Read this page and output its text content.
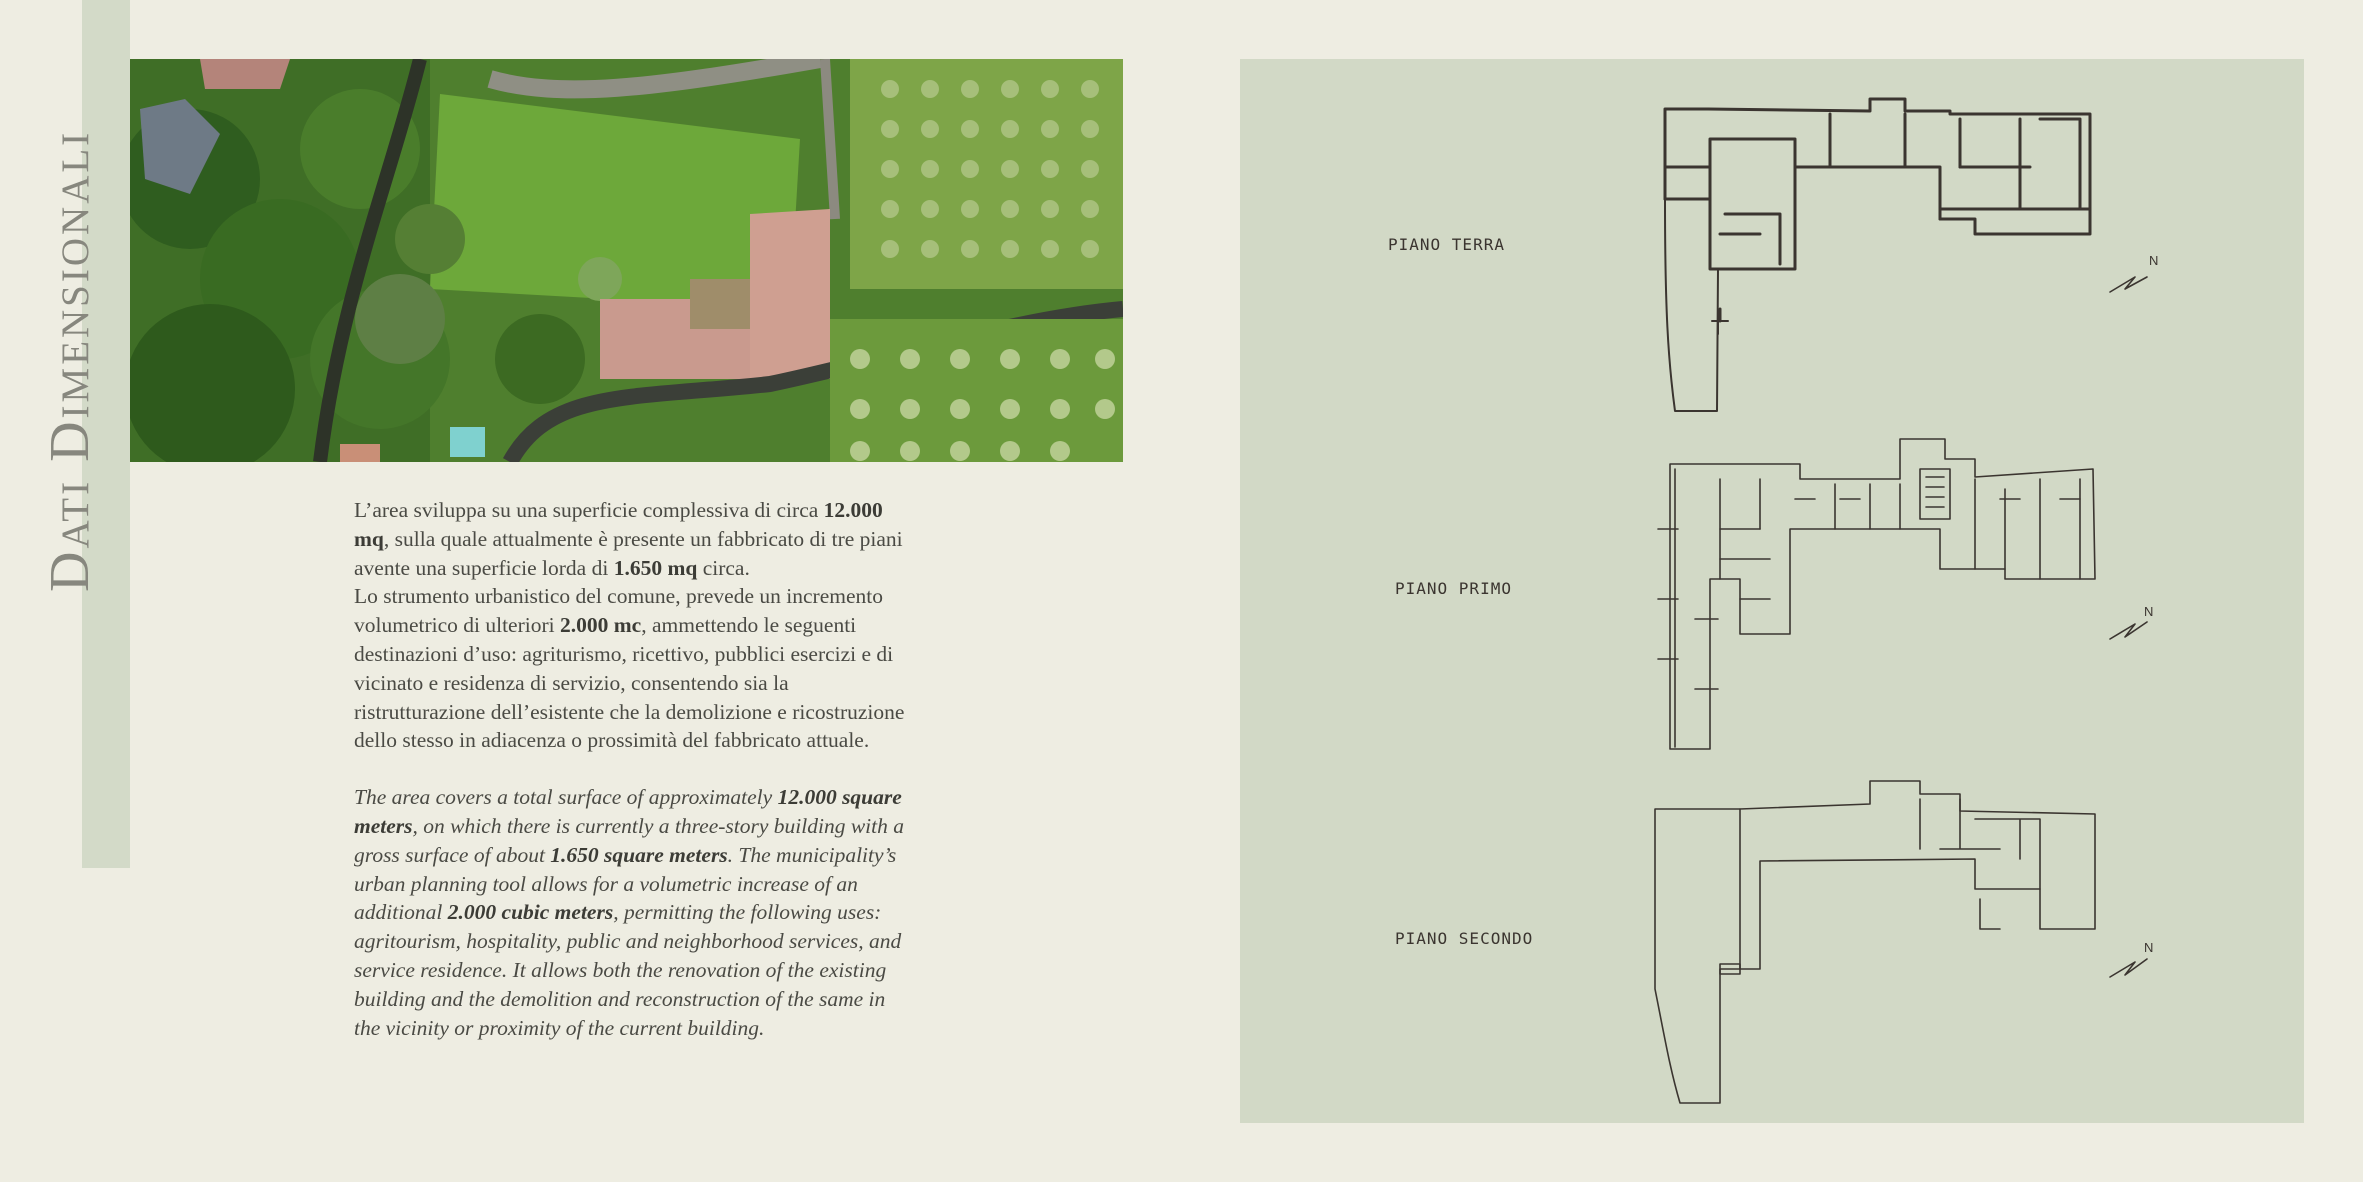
Dati Dimensionali	L’area sviluppa su una superficie complessiva di circa 12.000 mq, sulla quale attualmente è presente un fabbricato di tre piani avente una superficie lorda di 1.650 mq circa.
Lo strumento urbanistico del comune, prevede un incremento volumetrico di ulteriori 2.000 mc, ammettendo le seguenti destinazioni d’uso: agriturismo, ricettivo, pubblici esercizi e di vicinato e residenza di servizio, consentendo sia la ristrutturazione dell’esistente che la demolizione e ricostruzione dello stesso in adiacenza o prossimità del fabbricato attuale.

The area covers a total surface of approximately 12.000 square meters, on which there is currently a three-story building with a gross surface of about 1.650 square meters. The municipality’s urban planning tool allows for a volumetric increase of an additional 2.000 cubic meters, permitting the following uses: agritourism, hospitality, public and neighborhood services, and service residence. It allows both the renovation of the existing building and the demolition and reconstruction of the same in the vicinity or proximity of the current building.

PIANO TERRA
N
PIANO PRIMO
N
PIANO SECONDO	N
